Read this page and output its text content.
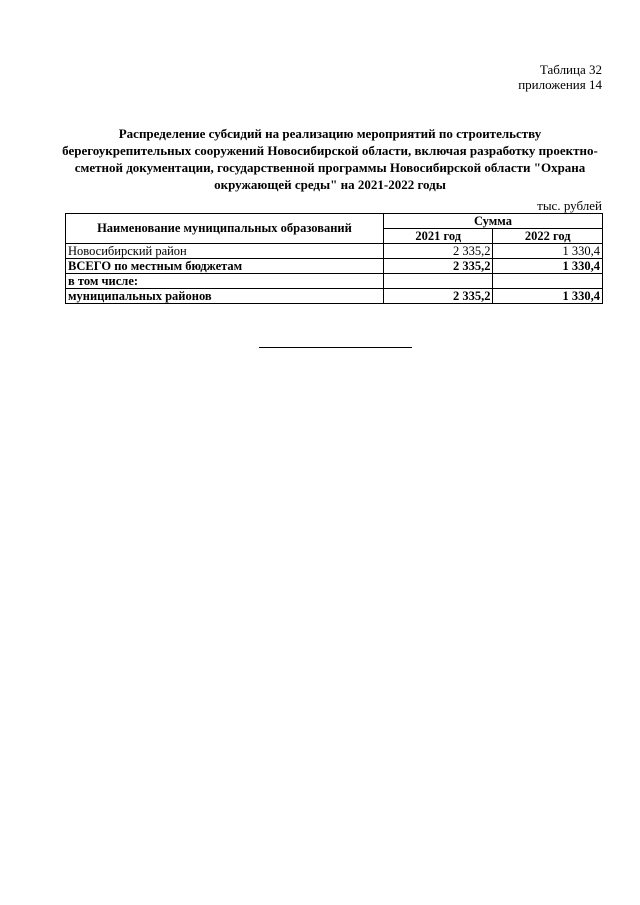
Таблица 32
приложения 14
Распределение субсидий на реализацию мероприятий по строительству берегоукрепительных сооружений Новосибирской области, включая разработку проектно-сметной документации, государственной программы Новосибирской области "Охрана окружающей среды" на 2021-2022 годы
тыс. рублей
Наименование муниципальных образований	Сумма	
	2021 год	2022 год
Новосибирский район	2 335,2	1 330,4
ВСЕГО по местным бюджетам	2 335,2	1 330,4
в том числе:		
муниципальных районов	2 335,2	1 330,4
